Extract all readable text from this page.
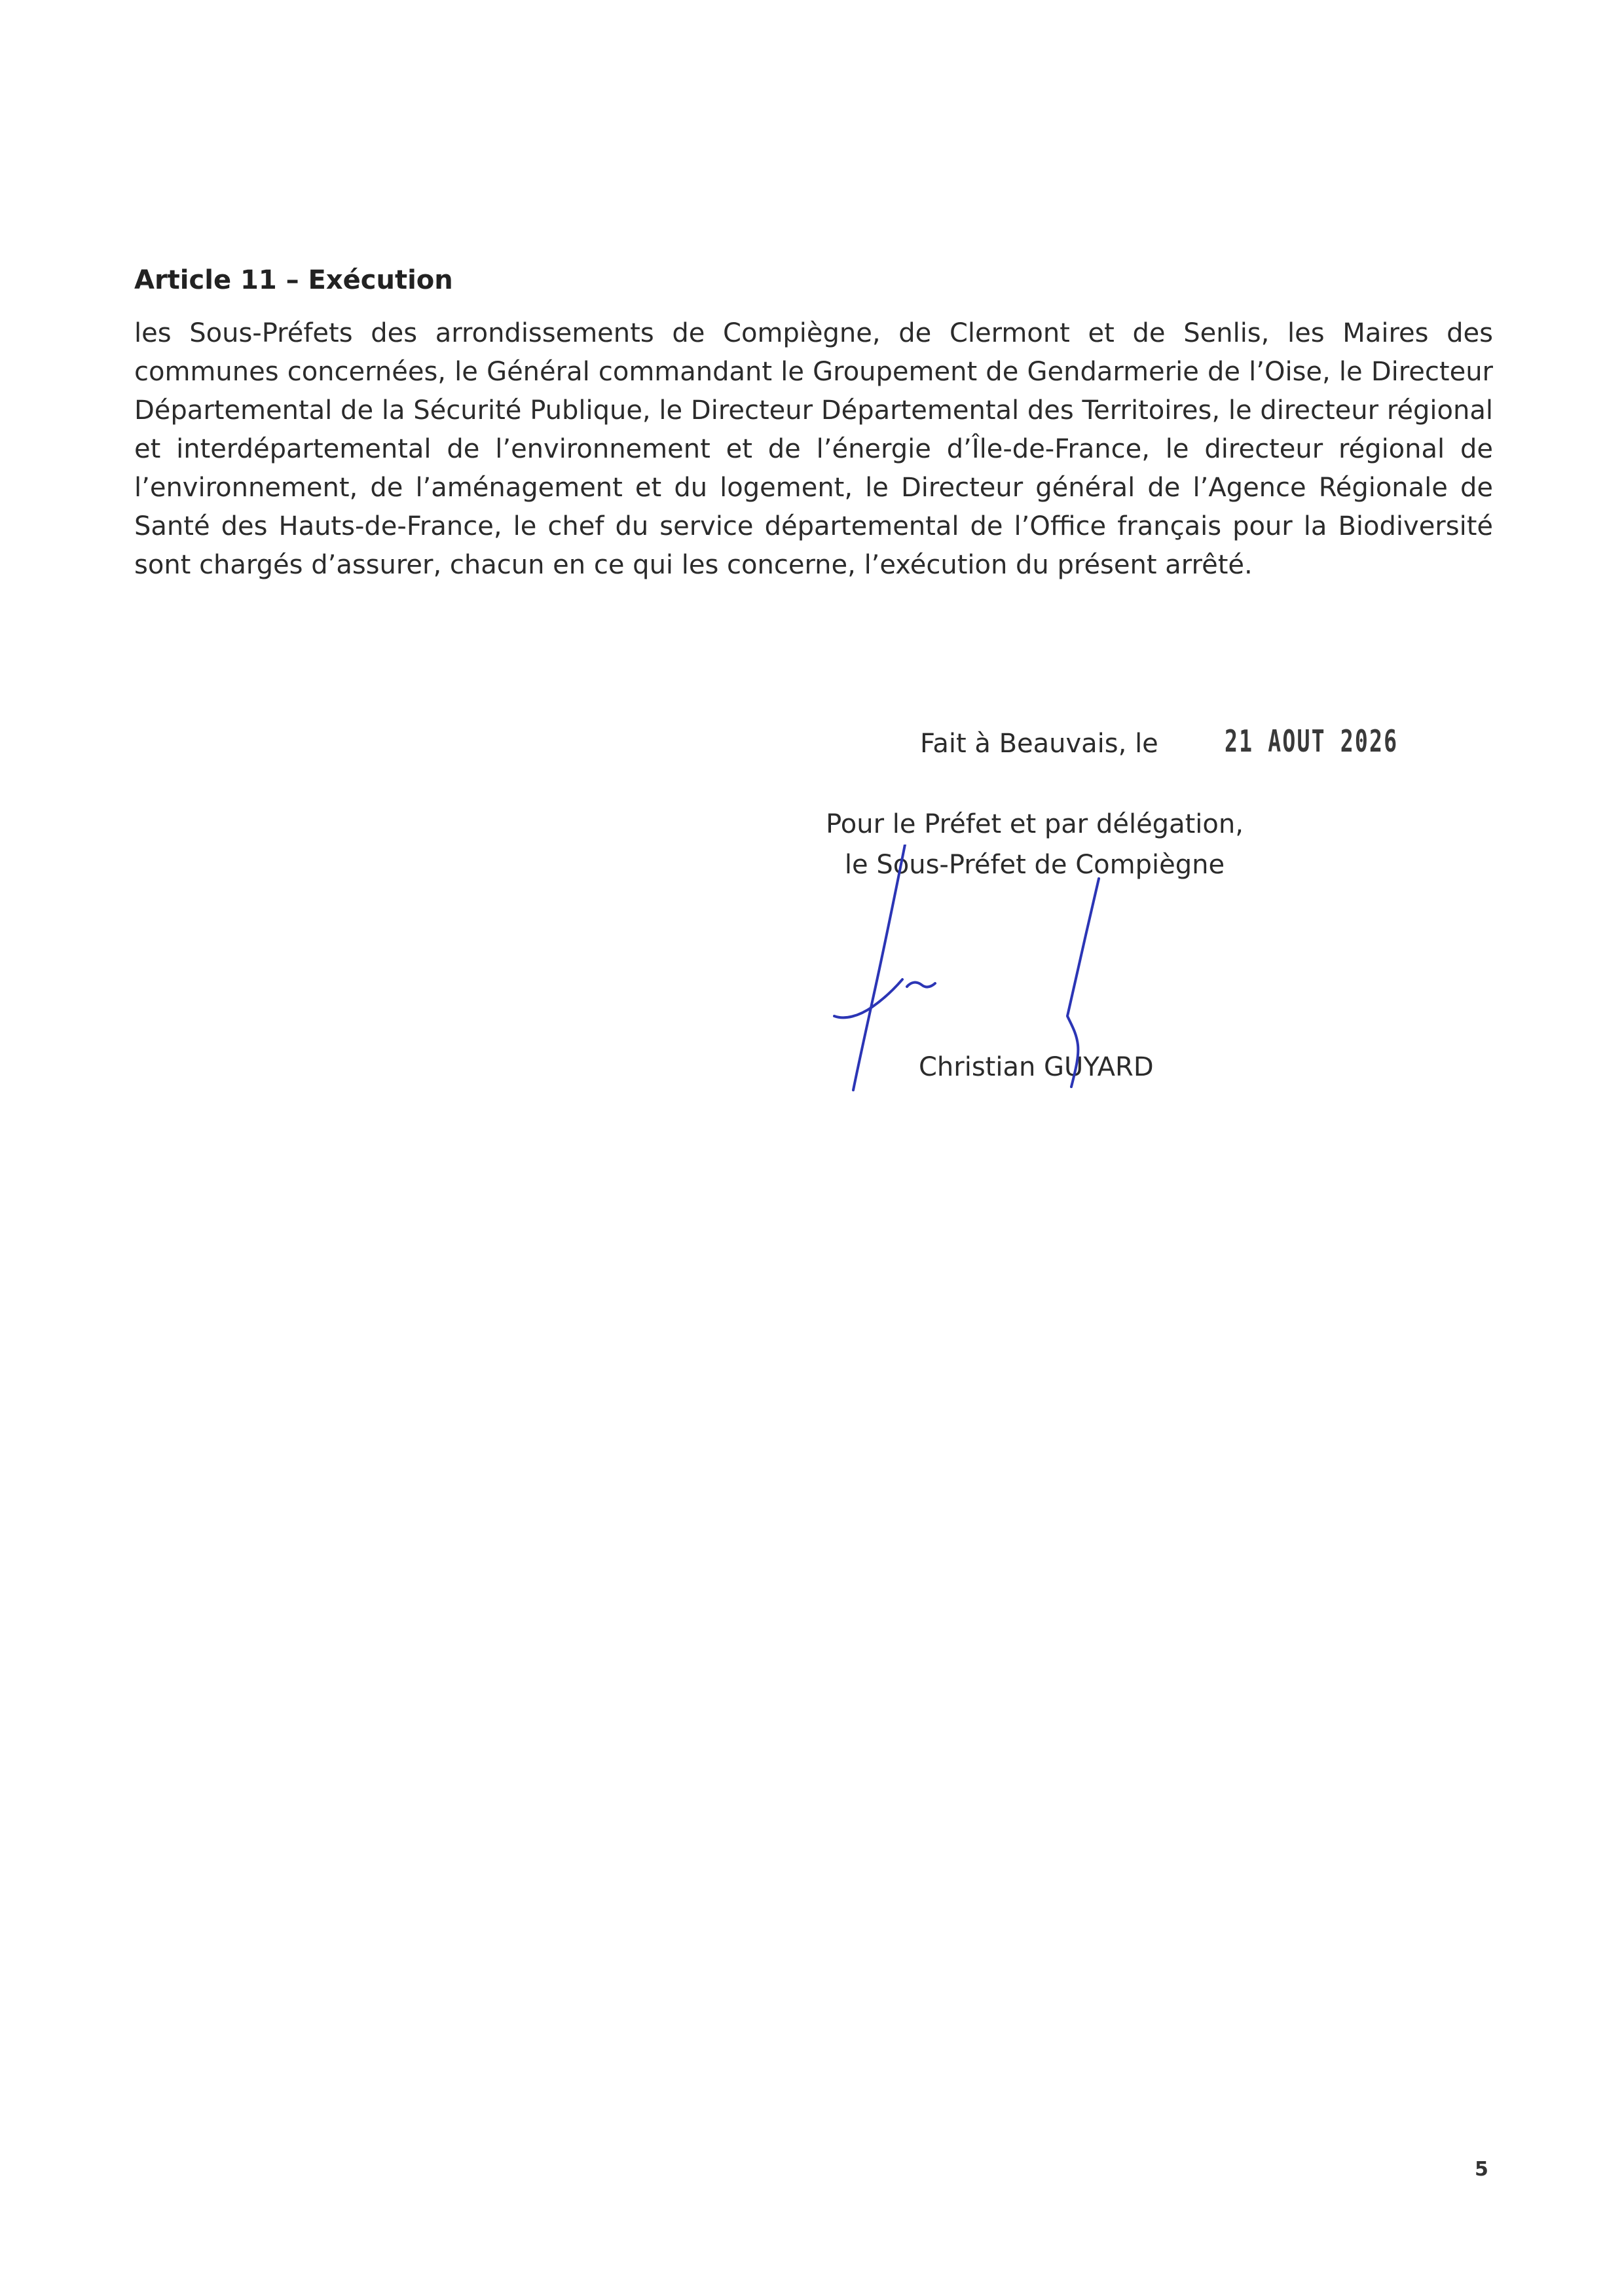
Article 11 – Exécution

les Sous-Préfets des arrondissements de Compiègne, de Clermont et de Senlis, les Maires des communes concernées, le Général commandant le Groupement de Gendarmerie de l’Oise, le Directeur Départemental de la Sécurité Publique, le Directeur Départemental des Territoires, le directeur régional et interdépartemental de l’environnement et de l’énergie d’Île-de-France, le directeur régional de l’environnement, de l’aménagement et du logement, le Directeur général de l’Agence Régionale de Santé des Hauts-de-France, le chef du service départemental de l’Office français pour la Biodiversité sont chargés d’assurer, chacun en ce qui les concerne, l’exécution du présent arrêté.

Fait à Beauvais, le 21 AOUT 2026
Pour le Préfet et par délégation,
le Sous-Préfet de Compiègne
Christian GUYARD
5
